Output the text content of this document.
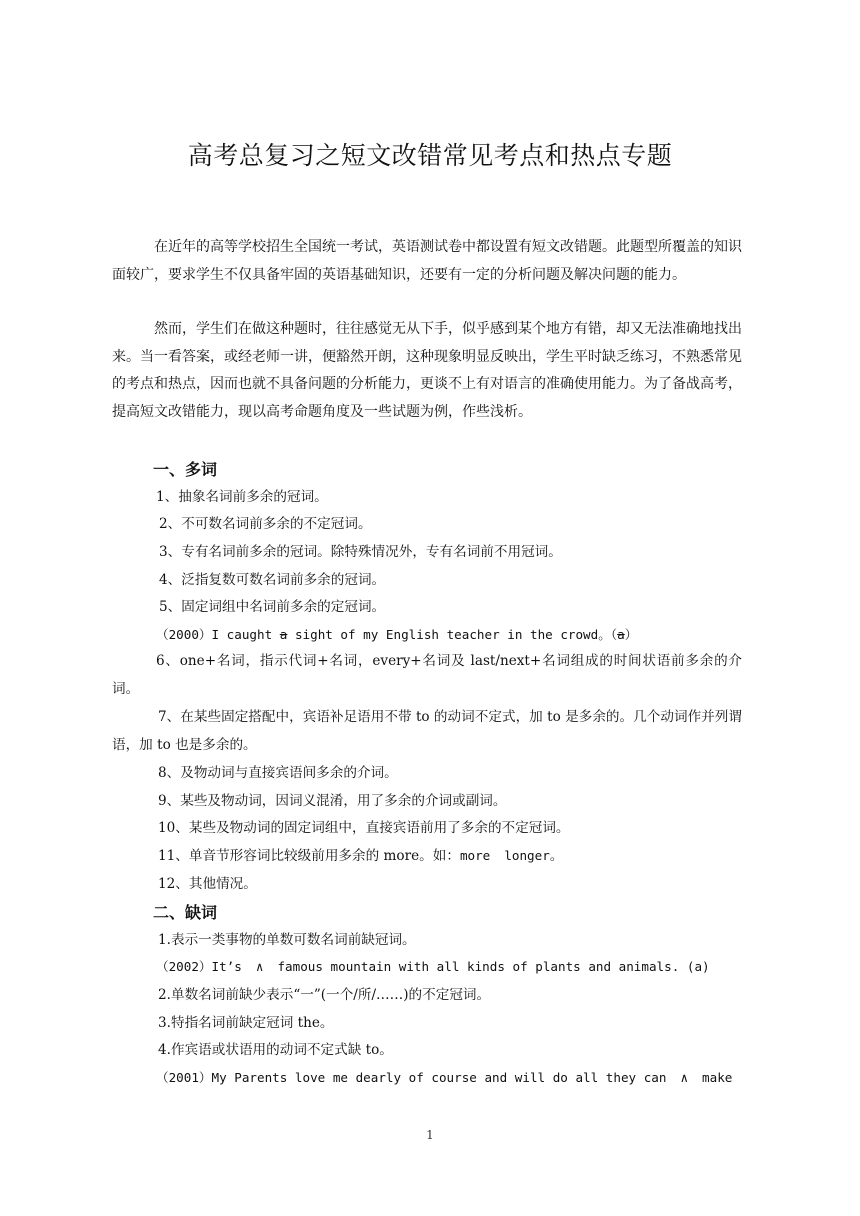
高考总复习之短文改错常见考点和热点专题
在近年的高等学校招生全国统一考试，英语测试卷中都设置有短文改错题。此题型所覆盖的知识面较广，要求学生不仅具备牢固的英语基础知识，还要有一定的分析问题及解决问题的能力。
然而，学生们在做这种题时，往往感觉无从下手，似乎感到某个地方有错，却又无法准确地找出来。当一看答案，或经老师一讲，便豁然开朗，这种现象明显反映出，学生平时缺乏练习，不熟悉常见的考点和热点，因而也就不具备问题的分析能力，更谈不上有对语言的准确使用能力。为了备战高考，提高短文改错能力，现以高考命题角度及一些试题为例，作些浅析。
一、多词
1、抽象名词前多余的冠词。
2、不可数名词前多余的不定冠词。
3、专有名词前多余的冠词。除特殊情况外，专有名词前不用冠词。
4、泛指复数可数名词前多余的冠词。
5、固定词组中名词前多余的定冠词。
（2000）I caught a sight of my English teacher in the crowd。（a）
6、one+名词，指示代词+名词，every+名词及 last/next+名词组成的时间状语前多余的介词。
7、在某些固定搭配中，宾语补足语用不带 to 的动词不定式，加 to 是多余的。几个动词作并列谓语，加 to 也是多余的。
8、及物动词与直接宾语间多余的介词。
9、某些及物动词，因词义混淆，用了多余的介词或副词。
10、某些及物动词的固定词组中，直接宾语前用了多余的不定冠词。
11、单音节形容词比较级前用多余的 more。如：more longer。
12、其他情况。
二、缺词
1.表示一类事物的单数可数名词前缺冠词。
（2002）It’s ∧ famous mountain with all kinds of plants and animals. (a)
2.单数名词前缺少表示“一”(一个/所/……)的不定冠词。
3.特指名词前缺定冠词 the。
4.作宾语或状语用的动词不定式缺 to。
（2001）My Parents love me dearly of course and will do all they can ∧ make
1
